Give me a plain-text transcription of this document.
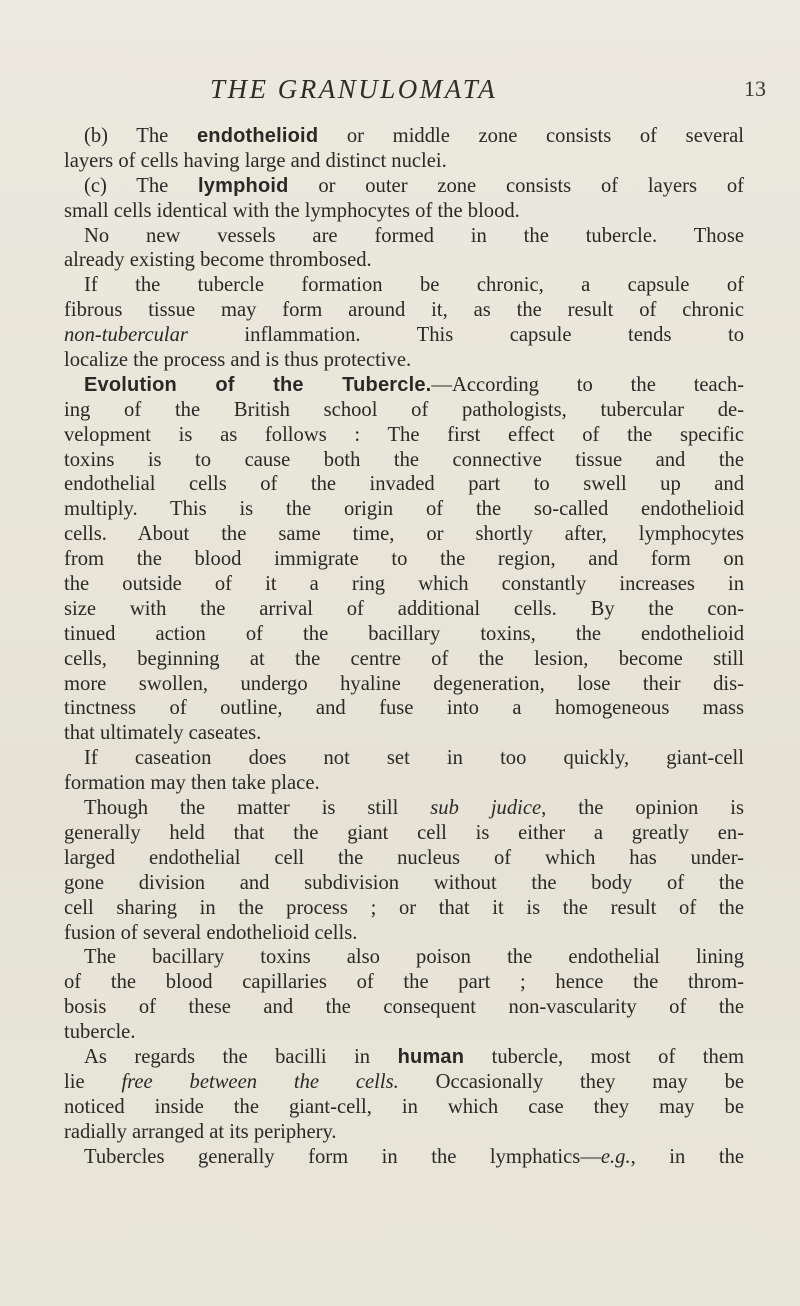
THE GRANULOMATA	13
(b) The endothelioid or middle zone consists of several
layers of cells having large and distinct nuclei.
(c) The lymphoid or outer zone consists of layers of
small cells identical with the lymphocytes of the blood.
No new vessels are formed in the tubercle. Those
already existing become thrombosed.
If the tubercle formation be chronic, a capsule of
fibrous tissue may form around it, as the result of chronic
non-tubercular inflammation. This capsule tends to
localize the process and is thus protective.
Evolution of the Tubercle.—According to the teach-
ing of the British school of pathologists, tubercular de-
velopment is as follows : The first effect of the specific
toxins is to cause both the connective tissue and the
endothelial cells of the invaded part to swell up and
multiply. This is the origin of the so-called endothelioid
cells. About the same time, or shortly after, lymphocytes
from the blood immigrate to the region, and form on
the outside of it a ring which constantly increases in
size with the arrival of additional cells. By the con-
tinued action of the bacillary toxins, the endothelioid
cells, beginning at the centre of the lesion, become still
more swollen, undergo hyaline degeneration, lose their dis-
tinctness of outline, and fuse into a homogeneous mass
that ultimately caseates.
If caseation does not set in too quickly, giant-cell
formation may then take place.
Though the matter is still sub judice, the opinion is
generally held that the giant cell is either a greatly en-
larged endothelial cell the nucleus of which has under-
gone division and subdivision without the body of the
cell sharing in the process ; or that it is the result of the
fusion of several endothelioid cells.
The bacillary toxins also poison the endothelial lining
of the blood capillaries of the part ; hence the throm-
bosis of these and the consequent non-vascularity of the
tubercle.
As regards the bacilli in human tubercle, most of them
lie free between the cells. Occasionally they may be
noticed inside the giant-cell, in which case they may be
radially arranged at its periphery.
Tubercles generally form in the lymphatics—e.g., in the
